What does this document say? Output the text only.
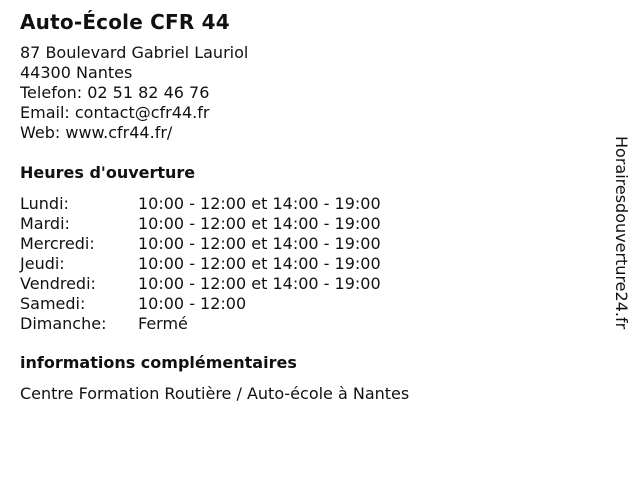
Auto-École CFR 44
87 Boulevard Gabriel Lauriol
44300 Nantes
Telefon: 02 51 82 46 76
Email: contact@cfr44.fr
Web: www.cfr44.fr/
Heures d'ouverture
Lundi:	10:00 - 12:00 et 14:00 - 19:00
Mardi:	10:00 - 12:00 et 14:00 - 19:00
Mercredi:	10:00 - 12:00 et 14:00 - 19:00
Jeudi:	10:00 - 12:00 et 14:00 - 19:00
Vendredi:	10:00 - 12:00 et 14:00 - 19:00
Samedi:	10:00 - 12:00
Dimanche:	Fermé
informations complémentaires
Centre Formation Routière / Auto-école à Nantes
Horairesdouverture24.fr
